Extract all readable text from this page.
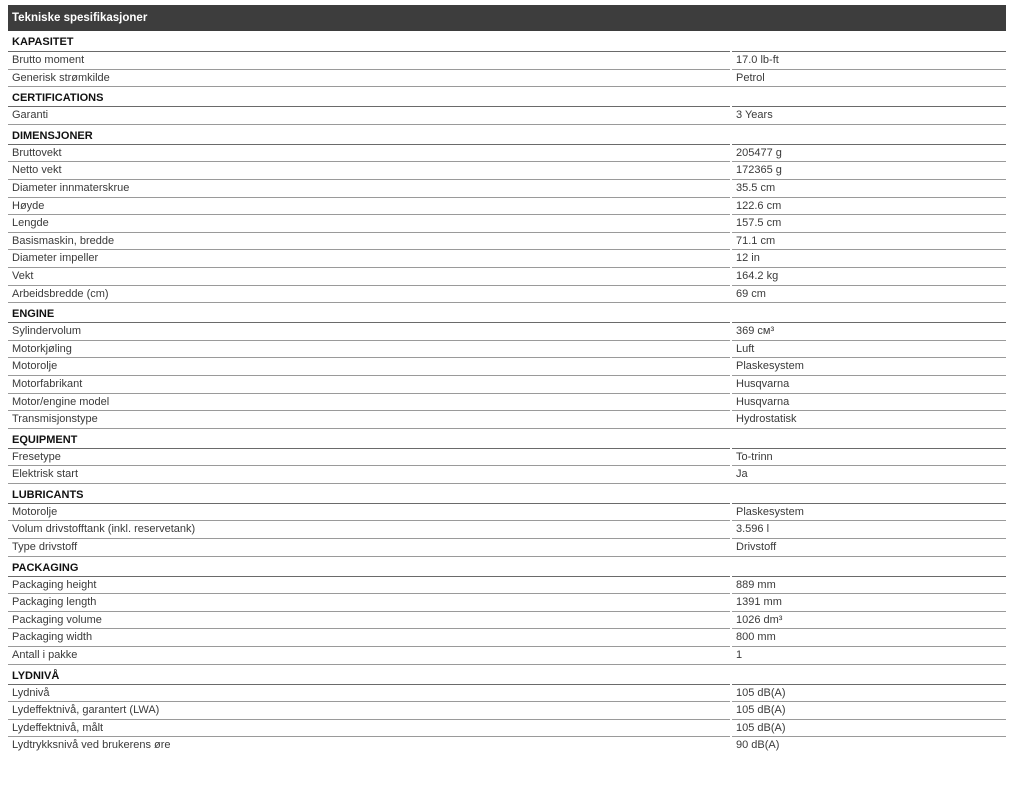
Tekniske spesifikasjoner
KAPASITET
Brutto moment	17.0 lb-ft
Generisk strømkilde	Petrol
CERTIFICATIONS
Garanti	3 Years
DIMENSJONER
Bruttovekt	205477 g
Netto vekt	172365 g
Diameter innmaterskrue	35.5 cm
Høyde	122.6 cm
Lengde	157.5 cm
Basismaskin, bredde	71.1 cm
Diameter impeller	12 in
Vekt	164.2 kg
Arbeidsbredde (cm)	69 cm
ENGINE
Sylindervolum	369 см³
Motorkjøling	Luft
Motorolje	Plaskesystem
Motorfabrikant	Husqvarna
Motor/engine model	Husqvarna
Transmisjonstype	Hydrostatisk
EQUIPMENT
Fresetype	To-trinn
Elektrisk start	Ja
LUBRICANTS
Motorolje	Plaskesystem
Volum drivstofftank (inkl. reservetank)	3.596 l
Type drivstoff	Drivstoff
PACKAGING
Packaging height	889 mm
Packaging length	1391 mm
Packaging volume	1026 dm³
Packaging width	800 mm
Antall i pakke	1
LYDNIVÅ
Lydnivå	105 dB(A)
Lydeffektnivå, garantert (LWA)	105 dB(A)
Lydeffektnivå, målt	105 dB(A)
Lydtrykksnivå ved brukerens øre	90 dB(A)
